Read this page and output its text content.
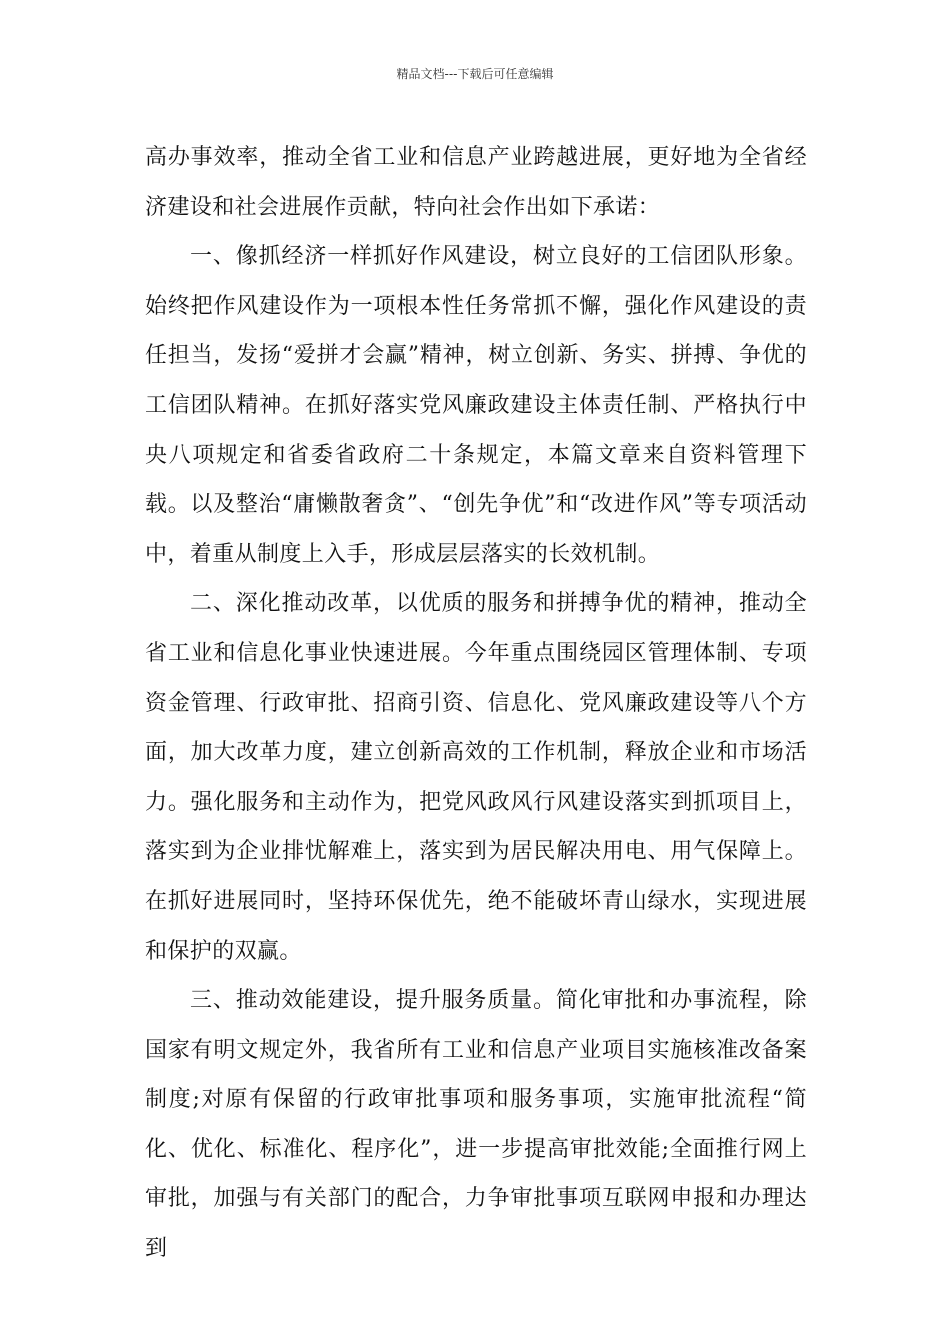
精品文档---下载后可任意编辑

高办事效率，推动全省工业和信息产业跨越进展，更好地为全省经济建设和社会进展作贡献，特向社会作出如下承诺：

一、像抓经济一样抓好作风建设，树立良好的工信团队形象。始终把作风建设作为一项根本性任务常抓不懈，强化作风建设的责任担当，发扬“爱拼才会赢”精神，树立创新、务实、拼搏、争优的工信团队精神。在抓好落实党风廉政建设主体责任制、严格执行中央八项规定和省委省政府二十条规定，本篇文章来自资料管理下载。以及整治“庸懒散奢贪”、“创先争优”和“改进作风”等专项活动中，着重从制度上入手，形成层层落实的长效机制。

二、深化推动改革，以优质的服务和拼搏争优的精神，推动全省工业和信息化事业快速进展。今年重点围绕园区管理体制、专项资金管理、行政审批、招商引资、信息化、党风廉政建设等八个方面，加大改革力度，建立创新高效的工作机制，释放企业和市场活力。强化服务和主动作为，把党风政风行风建设落实到抓项目上，落实到为企业排忧解难上，落实到为居民解决用电、用气保障上。在抓好进展同时，坚持环保优先，绝不能破坏青山绿水，实现进展和保护的双赢。

三、推动效能建设，提升服务质量。简化审批和办事流程，除国家有明文规定外，我省所有工业和信息产业项目实施核准改备案制度;对原有保留的行政审批事项和服务事项，实施审批流程“简化、优化、标准化、程序化”，进一步提高审批效能;全面推行网上审批，加强与有关部门的配合，力争审批事项互联网申报和办理达到
